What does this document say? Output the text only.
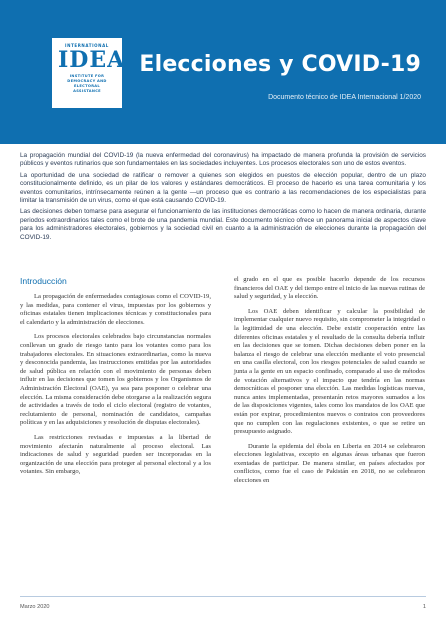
INTERNATIONAL
IDEA
INSTITUTE FOR
DEMOCRACY AND
ELECTORAL
ASSISTANCE
Elecciones y COVID-19
Documento técnico de IDEA Internacional 1/2020

La propagación mundial del COVID-19 (la nueva enfermedad del coronavirus) ha impactado de manera profunda la provisión de servicios públicos y eventos rutinarios que son fundamentales en las sociedades incluyentes. Los procesos electorales son uno de estos eventos.

La oportunidad de una sociedad de ratificar o remover a quienes son elegidos en puestos de elección popular, dentro de un plazo constitucionalmente definido, es un pilar de los valores y estándares democráticos. El proceso de hacerlo es una tarea comunitaria y los eventos comunitarios, intrínsecamente reúnen a la gente —un proceso que es contrario a las recomendaciones de los especialistas para limitar la transmisión de un virus, como el que está causando COVID-19.

Las decisiones deben tomarse para asegurar el funcionamiento de las instituciones democráticas como lo hacen de manera ordinaria, durante periodos extraordinarios tales como el brote de una pandemia mundial. Este documento técnico ofrece un panorama inicial de aspectos clave para los administradores electorales, gobiernos y la sociedad civil en cuanto a la administración de elecciones durante la propagación del COVID-19.

Introducción

La propagación de enfermedades contagiosas como el COVID-19, y las medidas, para contener el virus, impuestas por los gobiernos y oficinas estatales tienen implicaciones técnicas y constitucionales para el calendario y la administración de elecciones.

Los procesos electorales celebrados bajo circunstancias normales conllevan un grado de riesgo tanto para los votantes como para los trabajadores electorales. En situaciones extraordinarias, como la nueva y desconocida pandemia, las instrucciones emitidas por las autoridades de salud pública en relación con el movimiento de personas deben influir en las decisiones que tomen los gobiernos y los Organismos de Administración Electoral (OAE), ya sea para posponer o celebrar una elección. La misma consideración debe otorgarse a la realización segura de actividades a través de todo el ciclo electoral (registro de votantes, reclutamiento de personal, nominación de candidatos, campañas políticas y en las adquisiciones y resolución de disputas electorales).

Las restricciones revisadas e impuestas a la libertad de movimiento afectarán naturalmente al proceso electoral. Las indicaciones de salud y seguridad pueden ser incorporadas en la organización de una elección para proteger al personal electoral y a los votantes. Sin embargo,

el grado en el que es posible hacerlo depende de los recursos financieros del OAE y del tiempo entre el inicio de las nuevas rutinas de salud y seguridad, y la elección.

Los OAE deben identificar y calcular la posibilidad de implementar cualquier nuevo requisito, sin comprometer la integridad o la legitimidad de una elección. Debe existir cooperación entre las diferentes oficinas estatales y el resultado de la consulta debería influir en las decisiones que se tomen. Dichas decisiones deben poner en la balanza el riesgo de celebrar una elección mediante el voto presencial en una casilla electoral, con los riesgos potenciales de salud cuando se junta a la gente en un espacio confinado, comparado al uso de métodos de votación alternativos y el impacto que tendría en las normas democráticas el posponer una elección. Las medidas logísticas nuevas, nunca antes implementadas, presentarán retos mayores sumados a los de las disposiciones vigentes, tales como los mandatos de los OAE que están por expirar, procedimientos nuevos o contratos con proveedores que no cumplen con las regulaciones existentes, o que se retire un presupuesto asignado.

Durante la epidemia del ébola en Liberia en 2014 se celebraron elecciones legislativas, excepto en algunas áreas urbanas que fueron exentadas de participar. De manera similar, en países afectados por conflictos, como fue el caso de Pakistán en 2018, no se celebraron elecciones en

Marzo 2020	1
